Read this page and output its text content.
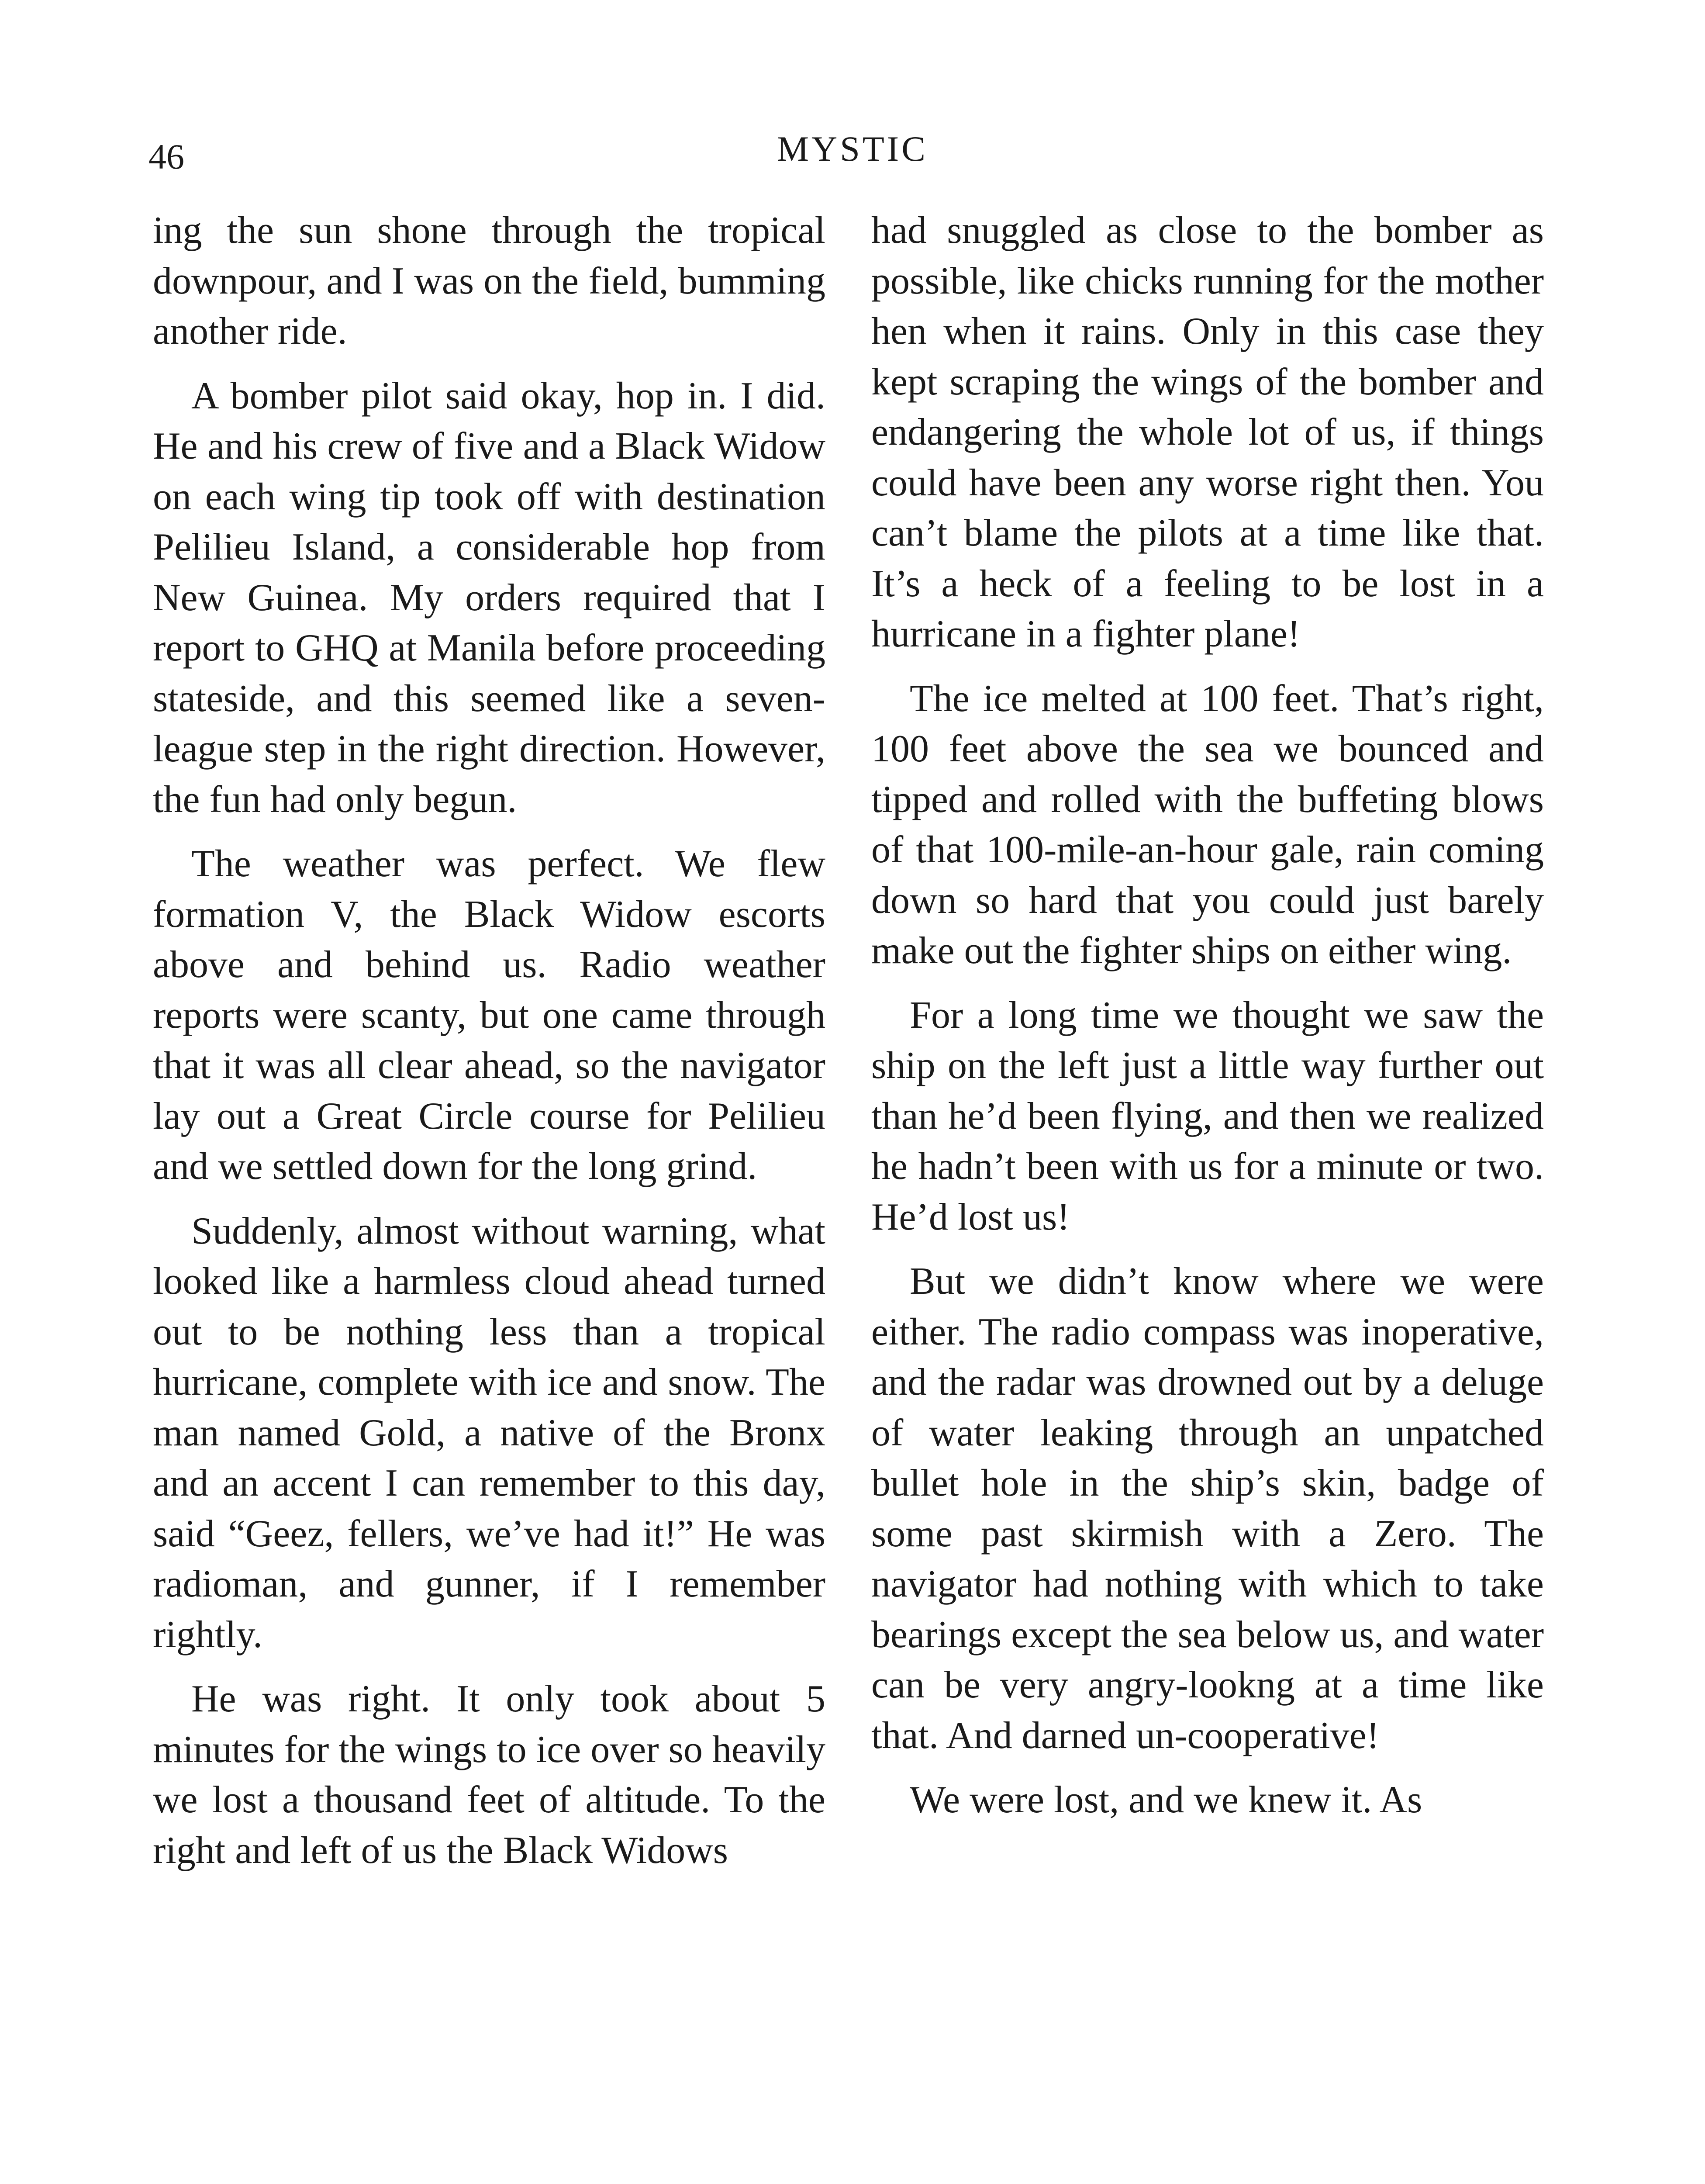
46	MYSTIC

ing the sun shone through the tropical downpour, and I was on the field, bumming another ride.

A bomber pilot said okay, hop in. I did. He and his crew of five and a Black Widow on each wing tip took off with destination Pelilieu Island, a considerable hop from New Guinea. My orders required that I report to GHQ at Manila before proceeding stateside, and this seemed like a seven-league step in the right direction. However, the fun had only begun.

The weather was perfect. We flew formation V, the Black Widow escorts above and behind us. Radio weather reports were scanty, but one came through that it was all clear ahead, so the navigator lay out a Great Circle course for Pelilieu and we settled down for the long grind.

Suddenly, almost without warning, what looked like a harmless cloud ahead turned out to be nothing less than a tropical hurricane, complete with ice and snow. The man named Gold, a native of the Bronx and an accent I can remember to this day, said “Geez, fellers, we’ve had it!” He was radioman, and gunner, if I remember rightly.

He was right. It only took about 5 minutes for the wings to ice over so heavily we lost a thousand feet of altitude. To the right and left of us the Black Widows

had snuggled as close to the bomber as possible, like chicks running for the mother hen when it rains. Only in this case they kept scraping the wings of the bomber and endangering the whole lot of us, if things could have been any worse right then. You can’t blame the pilots at a time like that. It’s a heck of a feeling to be lost in a hurricane in a fighter plane!

The ice melted at 100 feet. That’s right, 100 feet above the sea we bounced and tipped and rolled with the buffeting blows of that 100-mile-an-hour gale, rain coming down so hard that you could just barely make out the fighter ships on either wing.

For a long time we thought we saw the ship on the left just a little way further out than he’d been flying, and then we realized he hadn’t been with us for a minute or two. He’d lost us!

But we didn’t know where we were either. The radio compass was inoperative, and the radar was drowned out by a deluge of water leaking through an unpatched bullet hole in the ship’s skin, badge of some past skirmish with a Zero. The navigator had nothing with which to take bearings except the sea below us, and water can be very angry-lookng at a time like that. And darned un-cooperative!

We were lost, and we knew it. As
